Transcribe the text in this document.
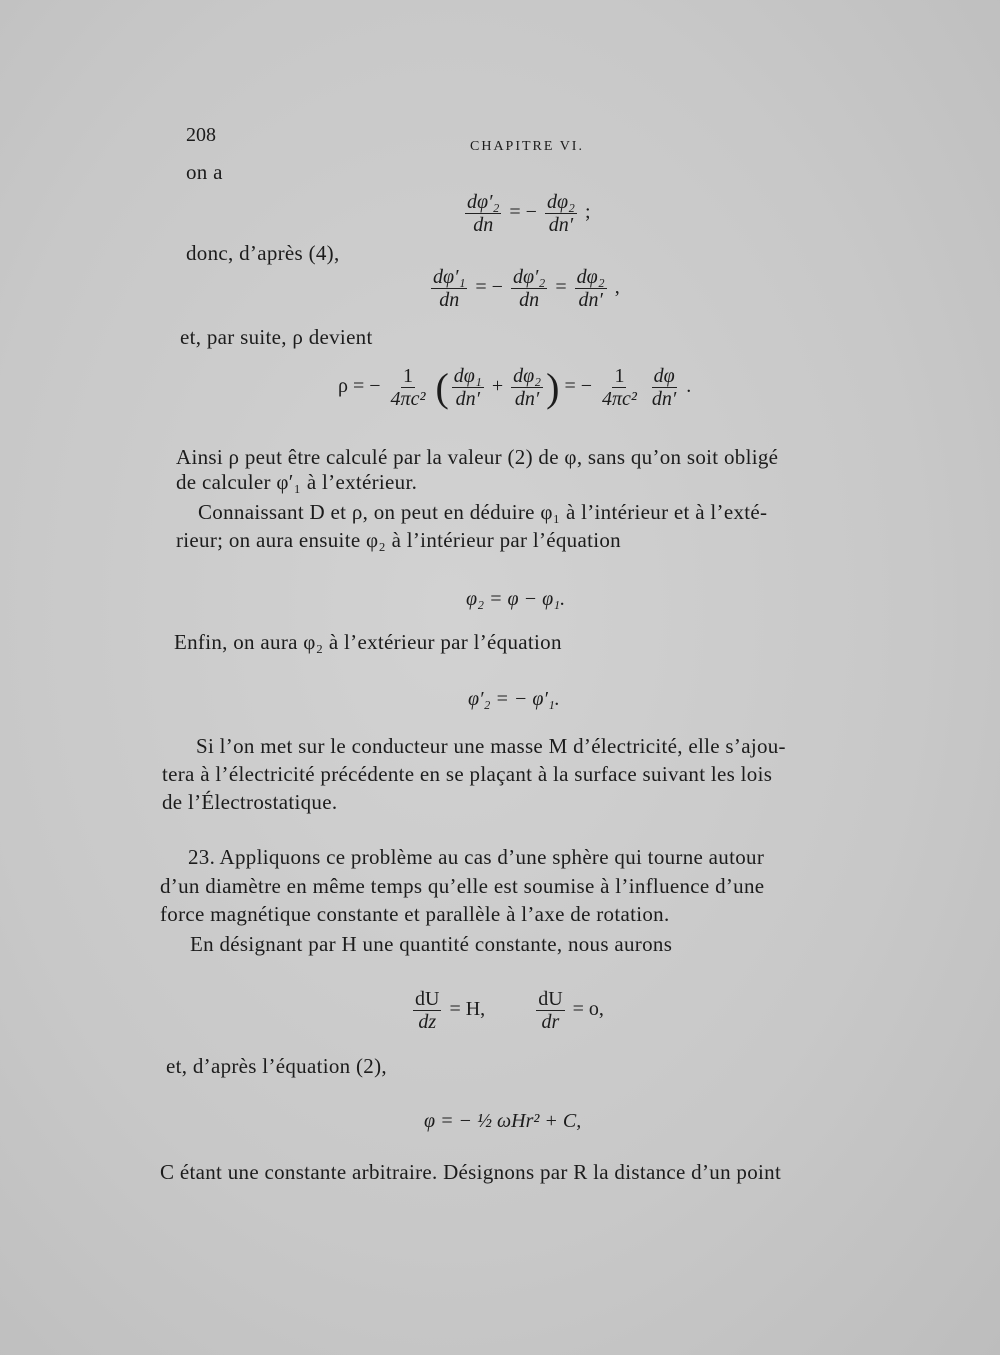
208
CHAPITRE VI.
on a
$\frac{\text{dφ′₂}}{dn}$ = − $\frac{\text{dφ₂}}{dn'}$ ;
donc, d’après (4),
$\frac{\text{dφ′₁}}{dn}$ = − $\frac{\text{dφ′₂}}{dn} = \frac{\text{dφ₂}}{dn'}$ ,
et, par suite, ρ devient
ρ = − $\frac{1}{\text{4πc²}}$ ( $\frac{\text{dφ₁}}{dn'} + \frac{\text{dφ₂}}{dn'}$ ) = − $\frac{1}{\text{4πc²}}$
$\frac{d\varphi}{dn'}$ .
Ainsi ρ peut être calculé par la valeur (2) de φ, sans qu’on soit obligé
de calculer φ′₁ à l’extérieur.
Connaissant D et ρ, on peut en déduire φ₁ à l’intérieur et à l’exté-
rieur; on aura ensuite φ₂ à l’intérieur par l’équation
φ₂ = φ − φ₁.
Enfin, on aura φ₂ à l’extérieur par l’équation
φ′₂ = − φ′₁.
Si l’on met sur le conducteur une masse M d’électricité, elle s’ajou-
tera à l’électricité précédente en se plaçant à la surface suivant les lois
de l’Électrostatique.
23. Appliquons ce problème au cas d’une sphère qui tourne autour
d’un diamètre en même temps qu’elle est soumise à l’influence d’une
force magnétique constante et parallèle à l’axe de rotation.
En désignant par H une quantité constante, nous aurons
$\frac{dU}{dz} = H$,	$\frac{dU}{dr} = o$,
et, d’après l’équation (2),
φ = − ½ ωHr² + C,
C étant une constante arbitraire. Désignons par R la distance d’un point
